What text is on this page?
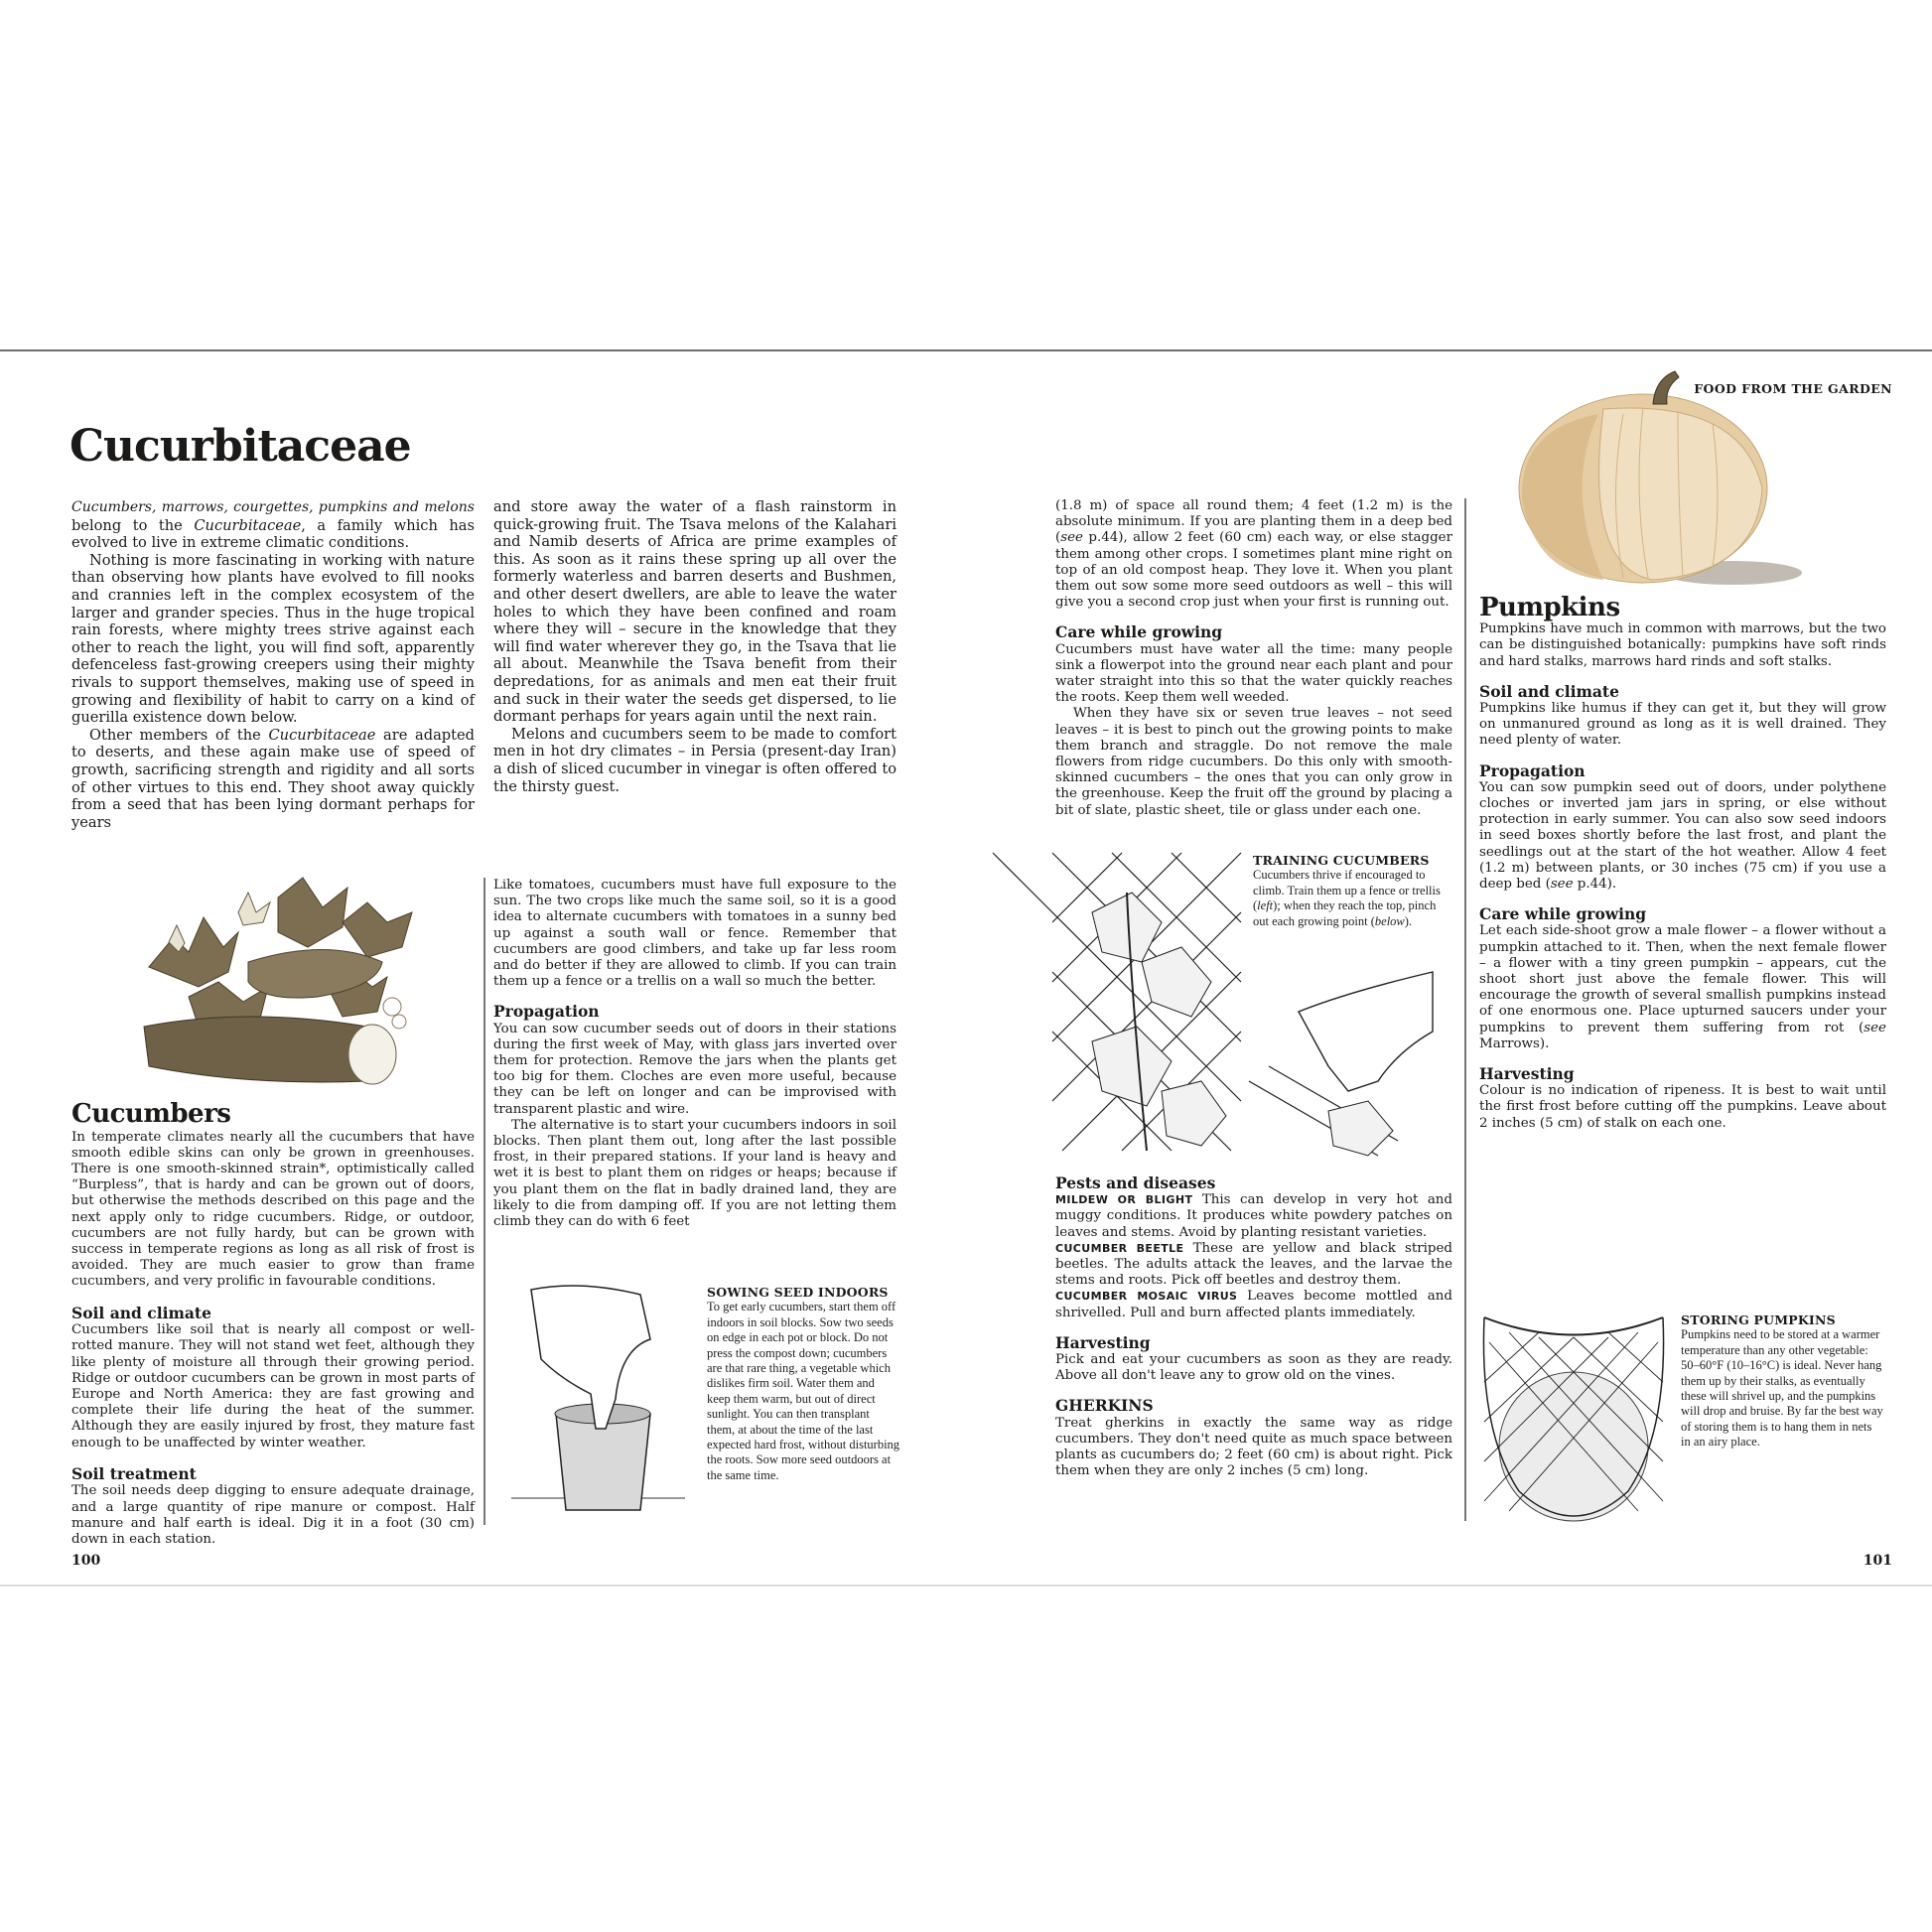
Cucurbitaceae

Cucumbers, marrows, courgettes, pumpkins and melons belong to the Cucurbitaceae, a family which has evolved to live in extreme climatic conditions.

Nothing is more fascinating in working with nature than observing how plants have evolved to fill nooks and crannies left in the complex ecosystem of the larger and grander species. Thus in the huge tropical rain forests, where mighty trees strive against each other to reach the light, you will find soft, apparently defenceless fast-growing creepers using their mighty rivals to support themselves, making use of speed in growing and flexibility of habit to carry on a kind of guerilla existence down below.

Other members of the Cucurbitaceae are adapted to deserts, and these again make use of speed of growth, sacrificing strength and rigidity and all sorts of other virtues to this end. They shoot away quickly from a seed that has been lying dormant perhaps for years

and store away the water of a flash rainstorm in quick-growing fruit. The Tsava melons of the Kalahari and Namib deserts of Africa are prime examples of this. As soon as it rains these spring up all over the formerly waterless and barren deserts and Bushmen, and other desert dwellers, are able to leave the water holes to which they have been confined and roam where they will – secure in the knowledge that they will find water wherever they go, in the Tsava that lie all about. Meanwhile the Tsava benefit from their depredations, for as animals and men eat their fruit and suck in their water the seeds get dispersed, to lie dormant perhaps for years again until the next rain.

Melons and cucumbers seem to be made to comfort men in hot dry climates – in Persia (present-day Iran) a dish of sliced cucumber in vinegar is often offered to the thirsty guest.

Cucumbers

In temperate climates nearly all the cucumbers that have smooth edible skins can only be grown in greenhouses. There is one smooth-skinned strain*, optimistically called “Burpless”, that is hardy and can be grown out of doors, but otherwise the methods described on this page and the next apply only to ridge cucumbers. Ridge, or outdoor, cucumbers are not fully hardy, but can be grown with success in temperate regions as long as all risk of frost is avoided. They are much easier to grow than frame cucumbers, and very prolific in favourable conditions.

Soil and climate

Cucumbers like soil that is nearly all compost or well-rotted manure. They will not stand wet feet, although they like plenty of moisture all through their growing period. Ridge or outdoor cucumbers can be grown in most parts of Europe and North America: they are fast growing and complete their life during the heat of the summer. Although they are easily injured by frost, they mature fast enough to be unaffected by winter weather.

Soil treatment

The soil needs deep digging to ensure adequate drainage, and a large quantity of ripe manure or compost. Half manure and half earth is ideal. Dig it in a foot (30 cm) down in each station.

Like tomatoes, cucumbers must have full exposure to the sun. The two crops like much the same soil, so it is a good idea to alternate cucumbers with tomatoes in a sunny bed up against a south wall or fence. Remember that cucumbers are good climbers, and take up far less room and do better if they are allowed to climb. If you can train them up a fence or a trellis on a wall so much the better.

Propagation

You can sow cucumber seeds out of doors in their stations during the first week of May, with glass jars inverted over them for protection. Remove the jars when the plants get too big for them. Cloches are even more useful, because they can be left on longer and can be improvised with transparent plastic and wire.

The alternative is to start your cucumbers indoors in soil blocks. Then plant them out, long after the last possible frost, in their prepared stations. If your land is heavy and wet it is best to plant them on ridges or heaps; because if you plant them on the flat in badly drained land, they are likely to die from damping off. If you are not letting them climb they can do with 6 feet

SOWING SEED INDOORS
To get early cucumbers, start them off indoors in soil blocks. Sow two seeds on edge in each pot or block. Do not press the compost down; cucumbers are that rare thing, a vegetable which dislikes firm soil. Water them and keep them warm, but out of direct sunlight. You can then transplant them, at about the time of the last expected hard frost, without disturbing the roots. Sow more seed outdoors at the same time.
100
FOOD FROM THE GARDEN

(1.8 m) of space all round them; 4 feet (1.2 m) is the absolute minimum. If you are planting them in a deep bed (see p.44), allow 2 feet (60 cm) each way, or else stagger them among other crops. I sometimes plant mine right on top of an old compost heap. They love it. When you plant them out sow some more seed outdoors as well – this will give you a second crop just when your first is running out.

Care while growing

Cucumbers must have water all the time: many people sink a flowerpot into the ground near each plant and pour water straight into this so that the water quickly reaches the roots. Keep them well weeded.

When they have six or seven true leaves – not seed leaves – it is best to pinch out the growing points to make them branch and straggle. Do not remove the male flowers from ridge cucumbers. Do this only with smooth-skinned cucumbers – the ones that you can only grow in the greenhouse. Keep the fruit off the ground by placing a bit of slate, plastic sheet, tile or glass under each one.

TRAINING CUCUMBERS
Cucumbers thrive if encouraged to climb. Train them up a fence or trellis (left); when they reach the top, pinch out each growing point (below).
Pests and diseases

MILDEW OR BLIGHT This can develop in very hot and muggy conditions. It produces white powdery patches on leaves and stems. Avoid by planting resistant varieties.

CUCUMBER BEETLE These are yellow and black striped beetles. The adults attack the leaves, and the larvae the stems and roots. Pick off beetles and destroy them.

CUCUMBER MOSAIC VIRUS Leaves become mottled and shrivelled. Pull and burn affected plants immediately.

Harvesting

Pick and eat your cucumbers as soon as they are ready. Above all don't leave any to grow old on the vines.

GHERKINS

Treat gherkins in exactly the same way as ridge cucumbers. They don't need quite as much space between plants as cucumbers do; 2 feet (60 cm) is about right. Pick them when they are only 2 inches (5 cm) long.

Pumpkins

Pumpkins have much in common with marrows, but the two can be distinguished botanically: pumpkins have soft rinds and hard stalks, marrows hard rinds and soft stalks.

Soil and climate

Pumpkins like humus if they can get it, but they will grow on unmanured ground as long as it is well drained. They need plenty of water.

Propagation

You can sow pumpkin seed out of doors, under polythene cloches or inverted jam jars in spring, or else without protection in early summer. You can also sow seed indoors in seed boxes shortly before the last frost, and plant the seedlings out at the start of the hot weather. Allow 4 feet (1.2 m) between plants, or 30 inches (75 cm) if you use a deep bed (see p.44).

Care while growing

Let each side-shoot grow a male flower – a flower without a pumpkin attached to it. Then, when the next female flower – a flower with a tiny green pumpkin – appears, cut the shoot short just above the female flower. This will encourage the growth of several smallish pumpkins instead of one enormous one. Place upturned saucers under your pumpkins to prevent them suffering from rot (see Marrows).

Harvesting

Colour is no indication of ripeness. It is best to wait until the first frost before cutting off the pumpkins. Leave about 2 inches (5 cm) of stalk on each one.

STORING PUMPKINS
Pumpkins need to be stored at a warmer temperature than any other vegetable: 50–60°F (10–16°C) is ideal. Never hang them up by their stalks, as eventually these will shrivel up, and the pumpkins will drop and bruise. By far the best way of storing them is to hang them in nets in an airy place.
101
